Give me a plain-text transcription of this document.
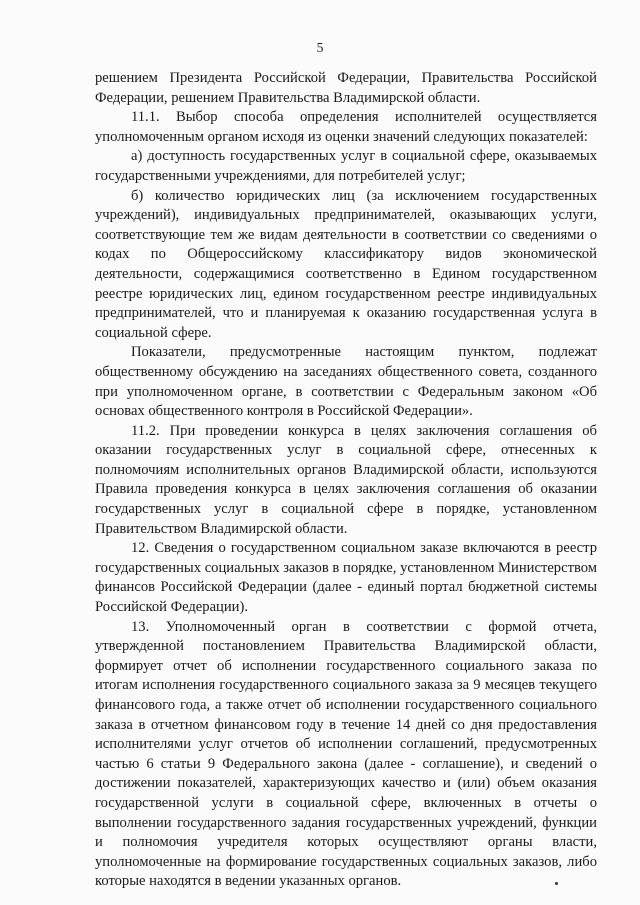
5

решением Президента Российской Федерации, Правительства Российской Федерации, решением Правительства Владимирской области.

11.1. Выбор способа определения исполнителей осуществляется уполномоченным органом исходя из оценки значений следующих показателей:

а) доступность государственных услуг в социальной сфере, оказываемых государственными учреждениями, для потребителей услуг;

б) количество юридических лиц (за исключением государственных учреждений), индивидуальных предпринимателей, оказывающих услуги, соответствующие тем же видам деятельности в соответствии со сведениями о кодах по Общероссийскому классификатору видов экономической деятельности, содержащимися соответственно в Едином государственном реестре юридических лиц, едином государственном реестре индивидуальных предпринимателей, что и планируемая к оказанию государственная услуга в социальной сфере.

Показатели, предусмотренные настоящим пунктом, подлежат общественному обсуждению на заседаниях общественного совета, созданного при уполномоченном органе, в соответствии с Федеральным законом «Об основах общественного контроля в Российской Федерации».

11.2. При проведении конкурса в целях заключения соглашения об оказании государственных услуг в социальной сфере, отнесенных к полномочиям исполнительных органов Владимирской области, используются Правила проведения конкурса в целях заключения соглашения об оказании государственных услуг в социальной сфере в порядке, установленном Правительством Владимирской области.

12. Сведения о государственном социальном заказе включаются в реестр государственных социальных заказов в порядке, установленном Министерством финансов Российской Федерации (далее - единый портал бюджетной системы Российской Федерации).

13. Уполномоченный орган в соответствии с формой отчета, утвержденной постановлением Правительства Владимирской области, формирует отчет об исполнении государственного социального заказа по итогам исполнения государственного социального заказа за 9 месяцев текущего финансового года, а также отчет об исполнении государственного социального заказа в отчетном финансовом году в течение 14 дней со дня предоставления исполнителями услуг отчетов об исполнении соглашений, предусмотренных частью 6 статьи 9 Федерального закона (далее - соглашение), и сведений о достижении показателей, характеризующих качество и (или) объем оказания государственной услуги в социальной сфере, включенных в отчеты о выполнении государственного задания государственных учреждений, функции и полномочия учредителя которых осуществляют органы власти, уполномоченные на формирование государственных социальных заказов, либо которые находятся в ведении указанных органов.
